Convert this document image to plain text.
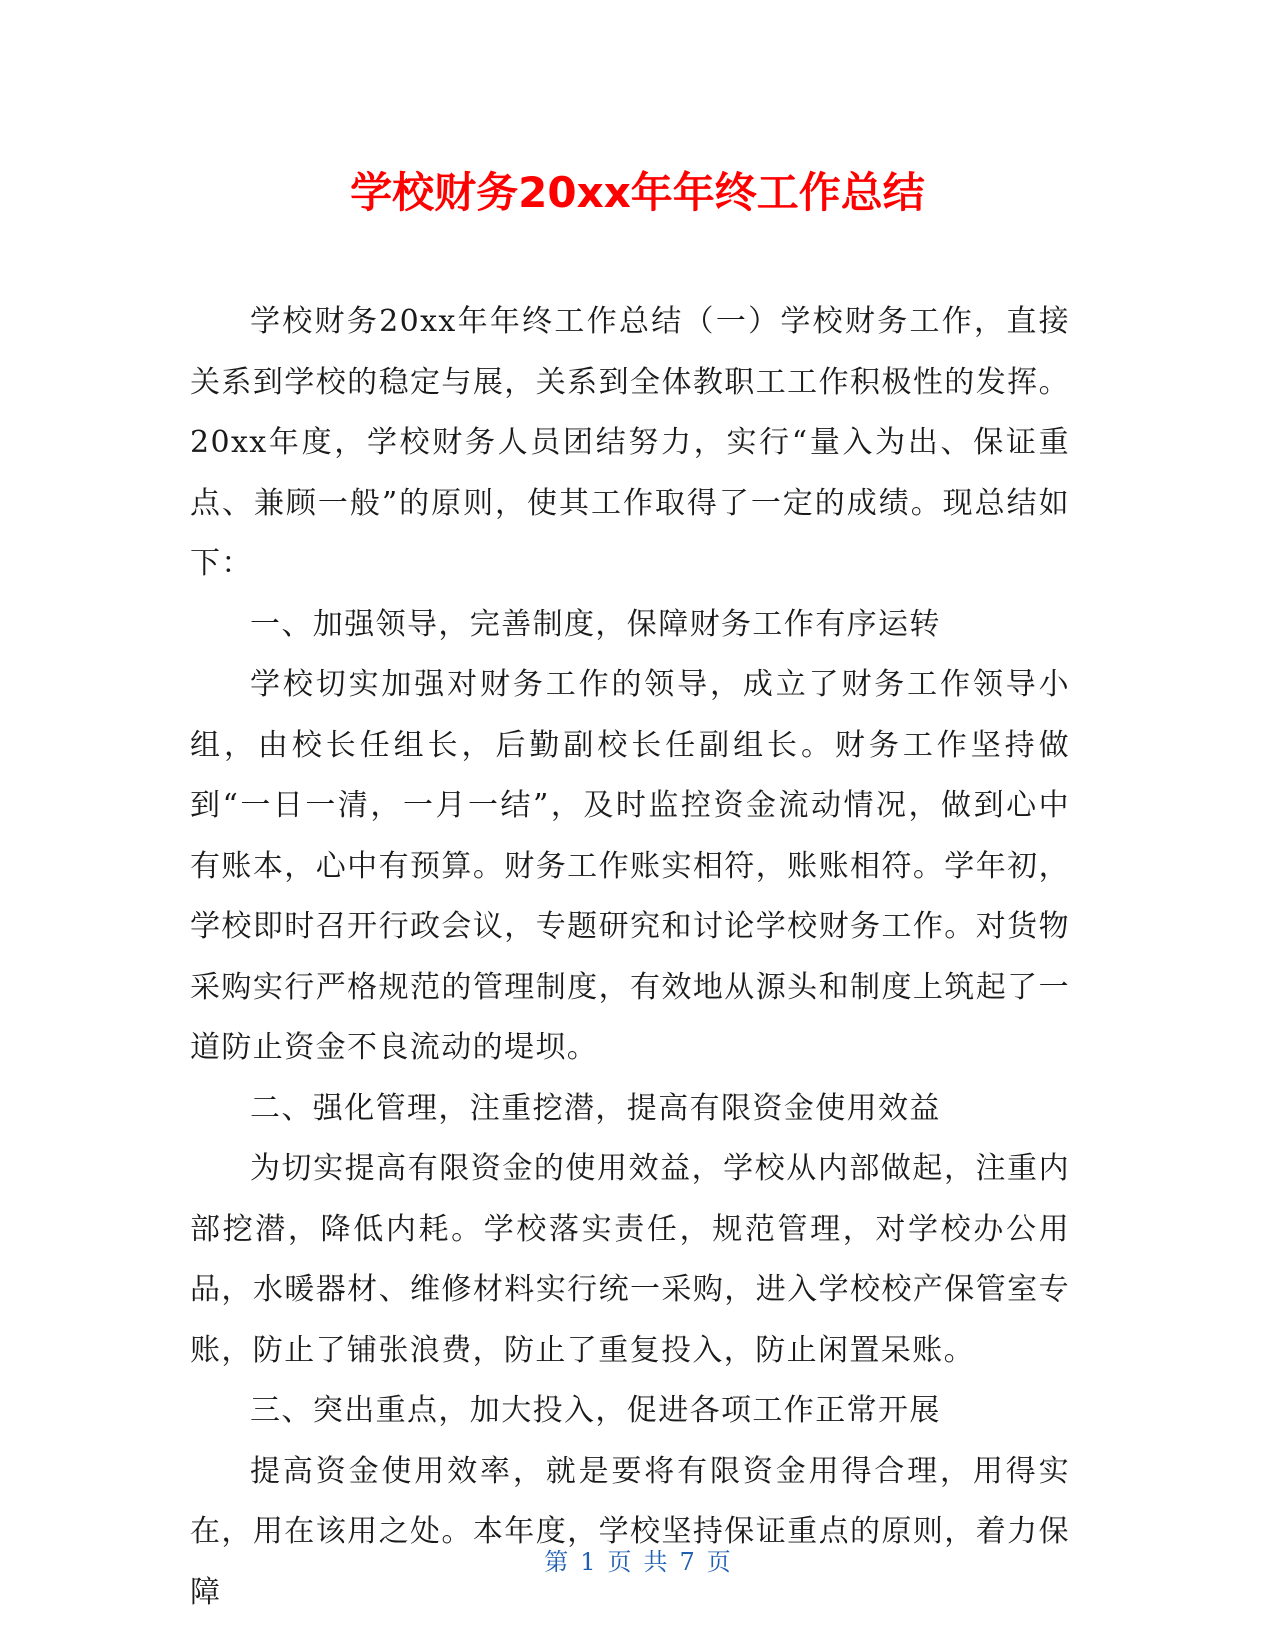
学校财务20xx年年终工作总结

学校财务20xx年年终工作总结（一）学校财务工作，直接关系到学校的稳定与展，关系到全体教职工工作积极性的发挥。20xx年度，学校财务人员团结努力，实行“量入为出、保证重点、兼顾一般”的原则，使其工作取得了一定的成绩。现总结如下：

一、加强领导，完善制度，保障财务工作有序运转

学校切实加强对财务工作的领导，成立了财务工作领导小组，由校长任组长，后勤副校长任副组长。财务工作坚持做到“一日一清，一月一结”，及时监控资金流动情况，做到心中有账本，心中有预算。财务工作账实相符，账账相符。学年初，学校即时召开行政会议，专题研究和讨论学校财务工作。对货物采购实行严格规范的管理制度，有效地从源头和制度上筑起了一道防止资金不良流动的堤坝。

二、强化管理，注重挖潜，提高有限资金使用效益

为切实提高有限资金的使用效益，学校从内部做起，注重内部挖潜，降低内耗。学校落实责任，规范管理，对学校办公用品，水暖器材、维修材料实行统一采购，进入学校校产保管室专账，防止了铺张浪费，防止了重复投入，防止闲置呆账。

三、突出重点，加大投入，促进各项工作正常开展

提高资金使用效率，就是要将有限资金用得合理，用得实在，用在该用之处。本年度，学校坚持保证重点的原则，着力保障

第 1 页 共 7 页
